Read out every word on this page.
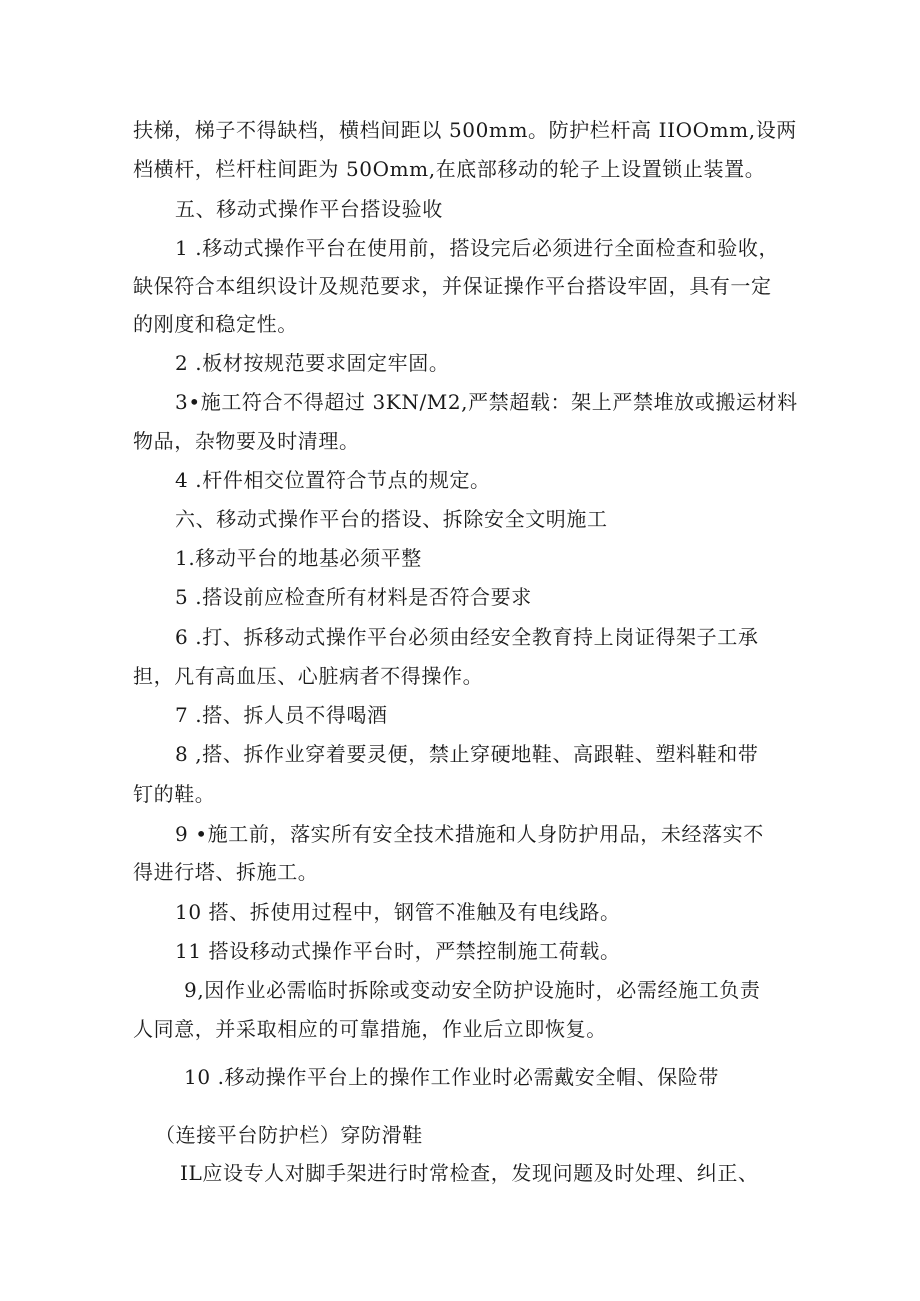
扶梯，梯子不得缺档，横档间距以 500mm。防护栏杆高 IIOOmm,设两
档横杆，栏杆柱间距为 50Omm,在底部移动的轮子上设置锁止装置。
五、移动式操作平台搭设验收
1 .移动式操作平台在使用前，搭设完后必须进行全面检查和验收，
缺保符合本组织设计及规范要求，并保证操作平台搭设牢固，具有一定
的刚度和稳定性。
2 .板材按规范要求固定牢固。
3•施工符合不得超过 3KN/M2,严禁超载：架上严禁堆放或搬运材料
物品，杂物要及时清理。
4 .杆件相交位置符合节点的规定。
六、移动式操作平台的搭设、拆除安全文明施工
1.移动平台的地基必须平整
5 .搭设前应检查所有材料是否符合要求
6 .打、拆移动式操作平台必须由经安全教育持上岗证得架子工承
担，凡有高血压、心脏病者不得操作。
7 .搭、拆人员不得喝酒
8 ,搭、拆作业穿着要灵便，禁止穿硬地鞋、高跟鞋、塑料鞋和带
钉的鞋。
9 •施工前，落实所有安全技术措施和人身防护用品，未经落实不
得进行塔、拆施工。
10 搭、拆使用过程中，钢管不准触及有电线路。
11 搭设移动式操作平台时，严禁控制施工荷载。
9,因作业必需临时拆除或变动安全防护设施时，必需经施工负责
人同意，并采取相应的可靠措施，作业后立即恢复。
10 .移动操作平台上的操作工作业时必需戴安全帽、保险带
（连接平台防护栏）穿防滑鞋
IL应设专人对脚手架进行时常检查，发现问题及时处理、纠正、
